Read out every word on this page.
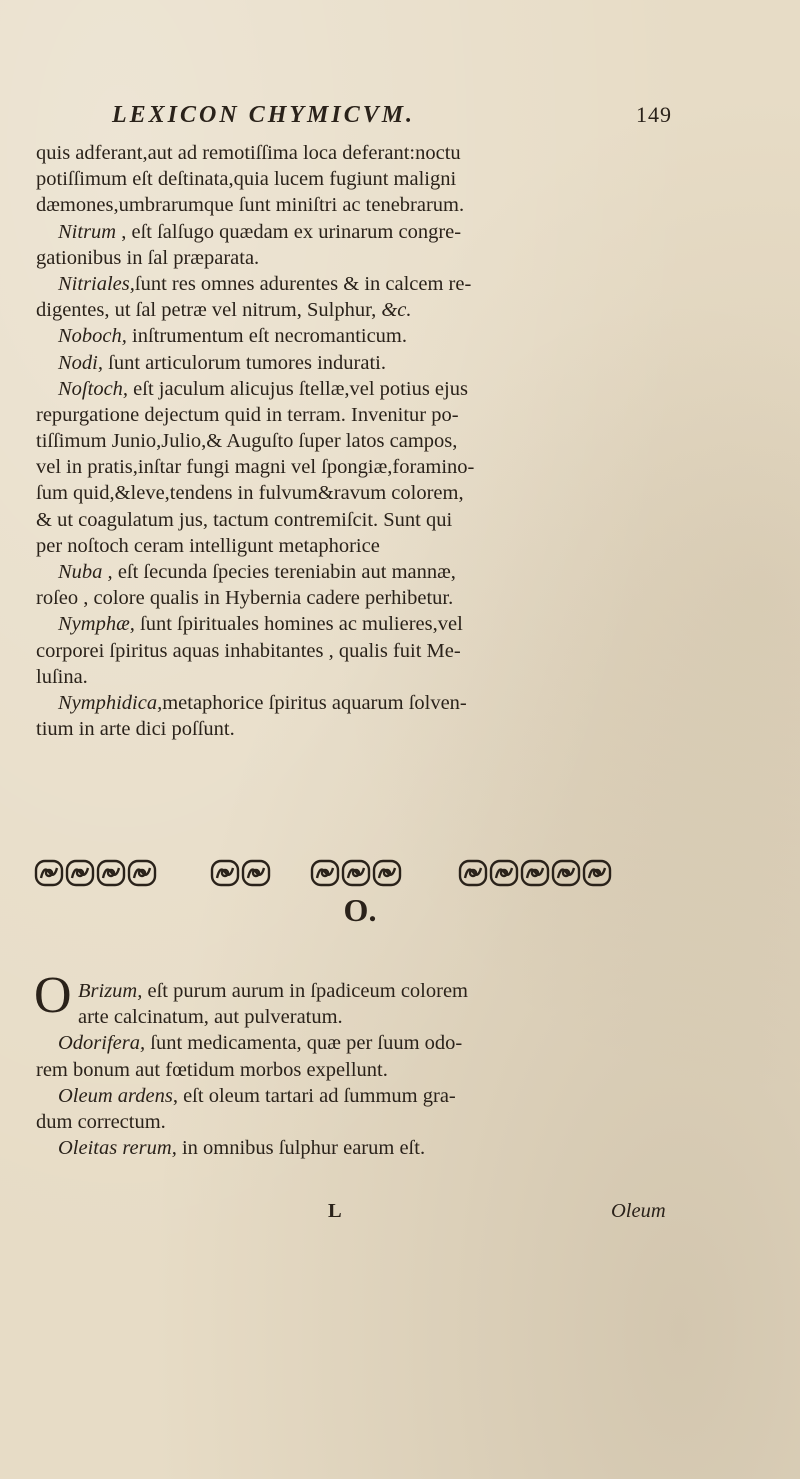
LEXICON CHYMICVM.	149
quis adferant,aut ad remotiſſima loca deferant:noctu
potiſſimum eſt deſtinata,quia lucem fugiunt maligni
dæmones,umbrarumque ſunt miniſtri ac tenebrarum.
Nitrum , eſt ſalſugo quædam ex urinarum congre-
gationibus in ſal præparata.
Nitriales,ſunt res omnes adurentes & in calcem re-
digentes, ut ſal petræ vel nitrum, Sulphur, &c.
Noboch, inſtrumentum eſt necromanticum.
Nodi, ſunt articulorum tumores indurati.
Noſtoch, eſt jaculum alicujus ſtellæ,vel potius ejus
repurgatione dejectum quid in terram. Invenitur po-
tiſſimum Junio,Julio,& Auguſto ſuper latos campos,
vel in pratis,inſtar fungi magni vel ſpongiæ,foramino-
ſum quid,&leve,tendens in fulvum&ravum colorem,
& ut coagulatum jus, tactum contremiſcit. Sunt qui
per noſtoch ceram intelligunt metaphorice
Nuba , eſt ſecunda ſpecies tereniabin aut mannæ,
roſeo , colore qualis in Hybernia cadere perhibetur.
Nymphæ, ſunt ſpirituales homines ac mulieres,vel
corporei ſpiritus aquas inhabitantes , qualis fuit Me-
luſina.
Nymphidica,metaphorice ſpiritus aquarum ſolven-
tium in arte dici poſſunt.
O.
O Brizum, eſt purum aurum in ſpadiceum colorem
arte calcinatum, aut pulveratum.
Odorifera, ſunt medicamenta, quæ per ſuum odo-
rem bonum aut fœtidum morbos expellunt.
Oleum ardens, eſt oleum tartari ad ſummum gra-
dum correctum.
Oleitas rerum, in omnibus ſulphur earum eſt.
L	Oleum
